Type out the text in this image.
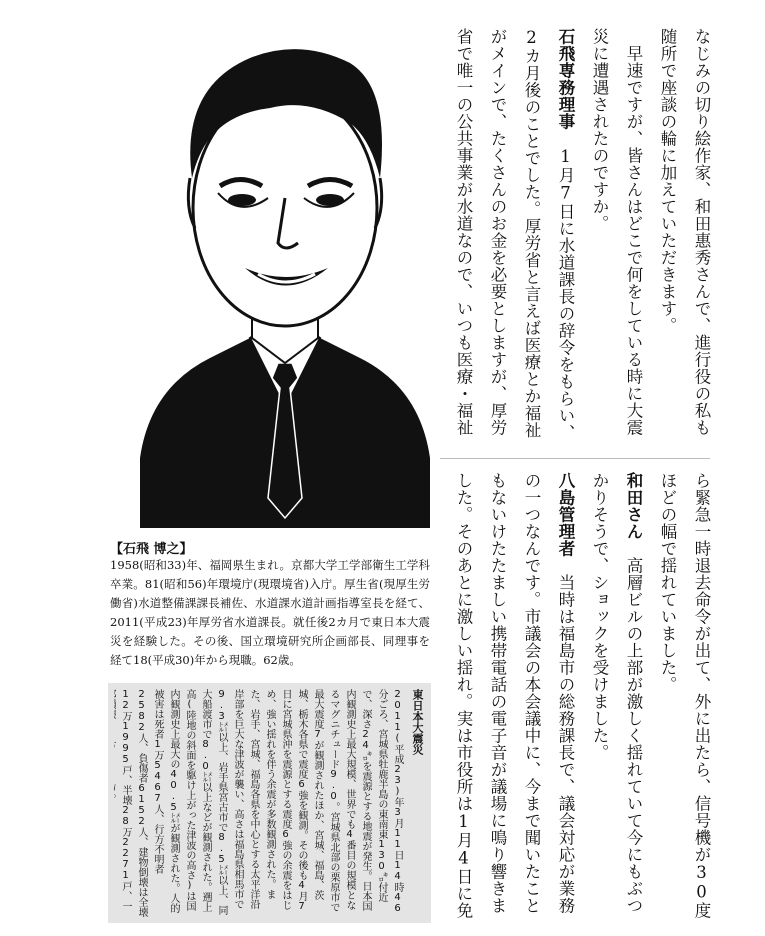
なじみの切り絵作家、和田惠秀さんで、進行役の私も随所で座談の輪に加えていただきます。
　早速ですが、皆さんはどこで何をしている時に大震災に遭遇されたのですか。
石飛専務理事　1月7日に水道課長の辞令をもらい、2カ月後のことでした。厚労省と言えば医療とか福祉がメインで、たくさんのお金を必要としますが、厚労省で唯一の公共事業が水道なので、いつも医療・福祉
ら緊急一時退去命令が出て、外に出たら、信号機が30度ほどの幅で揺れていました。
和田さん　高層ビルの上部が激しく揺れていて今にもぶつかりそうで、ショックを受けました。
八島管理者　当時は福島市の総務課長で、議会対応が業務の一つなんです。市議会の本会議中に、今まで聞いたこともないけたたましい携帯電話の電子音が議場に鳴り響きました。そのあとに激しい揺れ。実は市役所は1月4日に免

【石飛 博之】
1958(昭和33)年、福岡県生まれ。京都大学工学部衛生工学科卒業。81(昭和56)年環境庁(現環境省)入庁。厚生省(現厚生労働省)水道整備課課長補佐、水道課水道計画指導室長を経て、2011(平成23)年厚労省水道課長。就任後2カ月で東日本大震災を経験した。その後、国立環境研究所企画部長、同理事を経て18(平成30)年から現職。62歳。
東日本大震災
2011(平成23)年3月11日14時46分ごろ、宮城県牡鹿半島の東南東130㌔付近で、深さ24㌔を震源とする地震が発生。日本国内観測史上最大規模、世界でも4番目の規模となるマグニチュード9.0。宮城県北部の栗原市で最大震度7が観測されたほか、宮城、福島、茨城、栃木各県で震度6強を観測。その後も4月7日に宮城県沖を震源とする震度6強の余震をはじめ、強い揺れを伴う余震が多数観測された。また、岩手、宮城、福島各県を中心とする太平洋沿岸部を巨大な津波が襲い、高さは福島県相馬市で9.3㍍以上、岩手県宮古市で8.5㍍以上、同大船渡市で8.0㍍以上などが観測された。遡上高(陸地の斜面を駆け上がった津波の高さ)は国内観測史上最大の40.5㍍が観測された。人的被害は死者1万5467人、行方不明者2582人、負傷者6152人、建物倒壊は全壊12万1995戸、半壊28万2271戸、一
